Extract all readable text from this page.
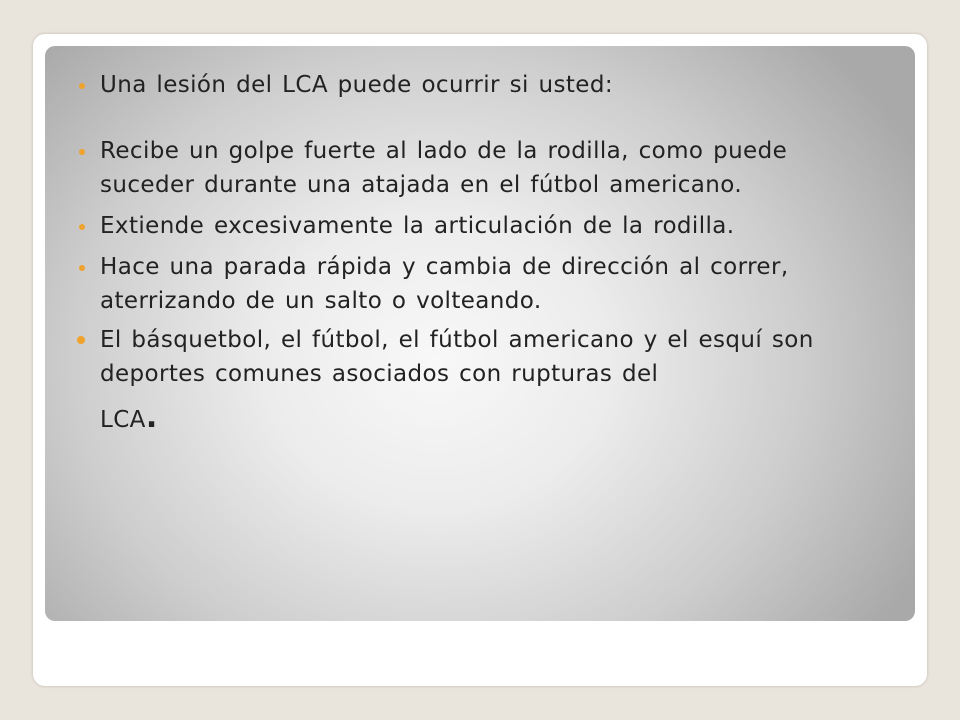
Una lesión del LCA puede ocurrir si usted:
Recibe un golpe fuerte al lado de la rodilla, como puede suceder durante una atajada en el fútbol americano.
Extiende excesivamente la articulación de la rodilla.
Hace una parada rápida y cambia de dirección al correr, aterrizando de un salto o volteando.
El básquetbol, el fútbol, el fútbol americano y el esquí son deportes comunes asociados con rupturas del
LCA.
